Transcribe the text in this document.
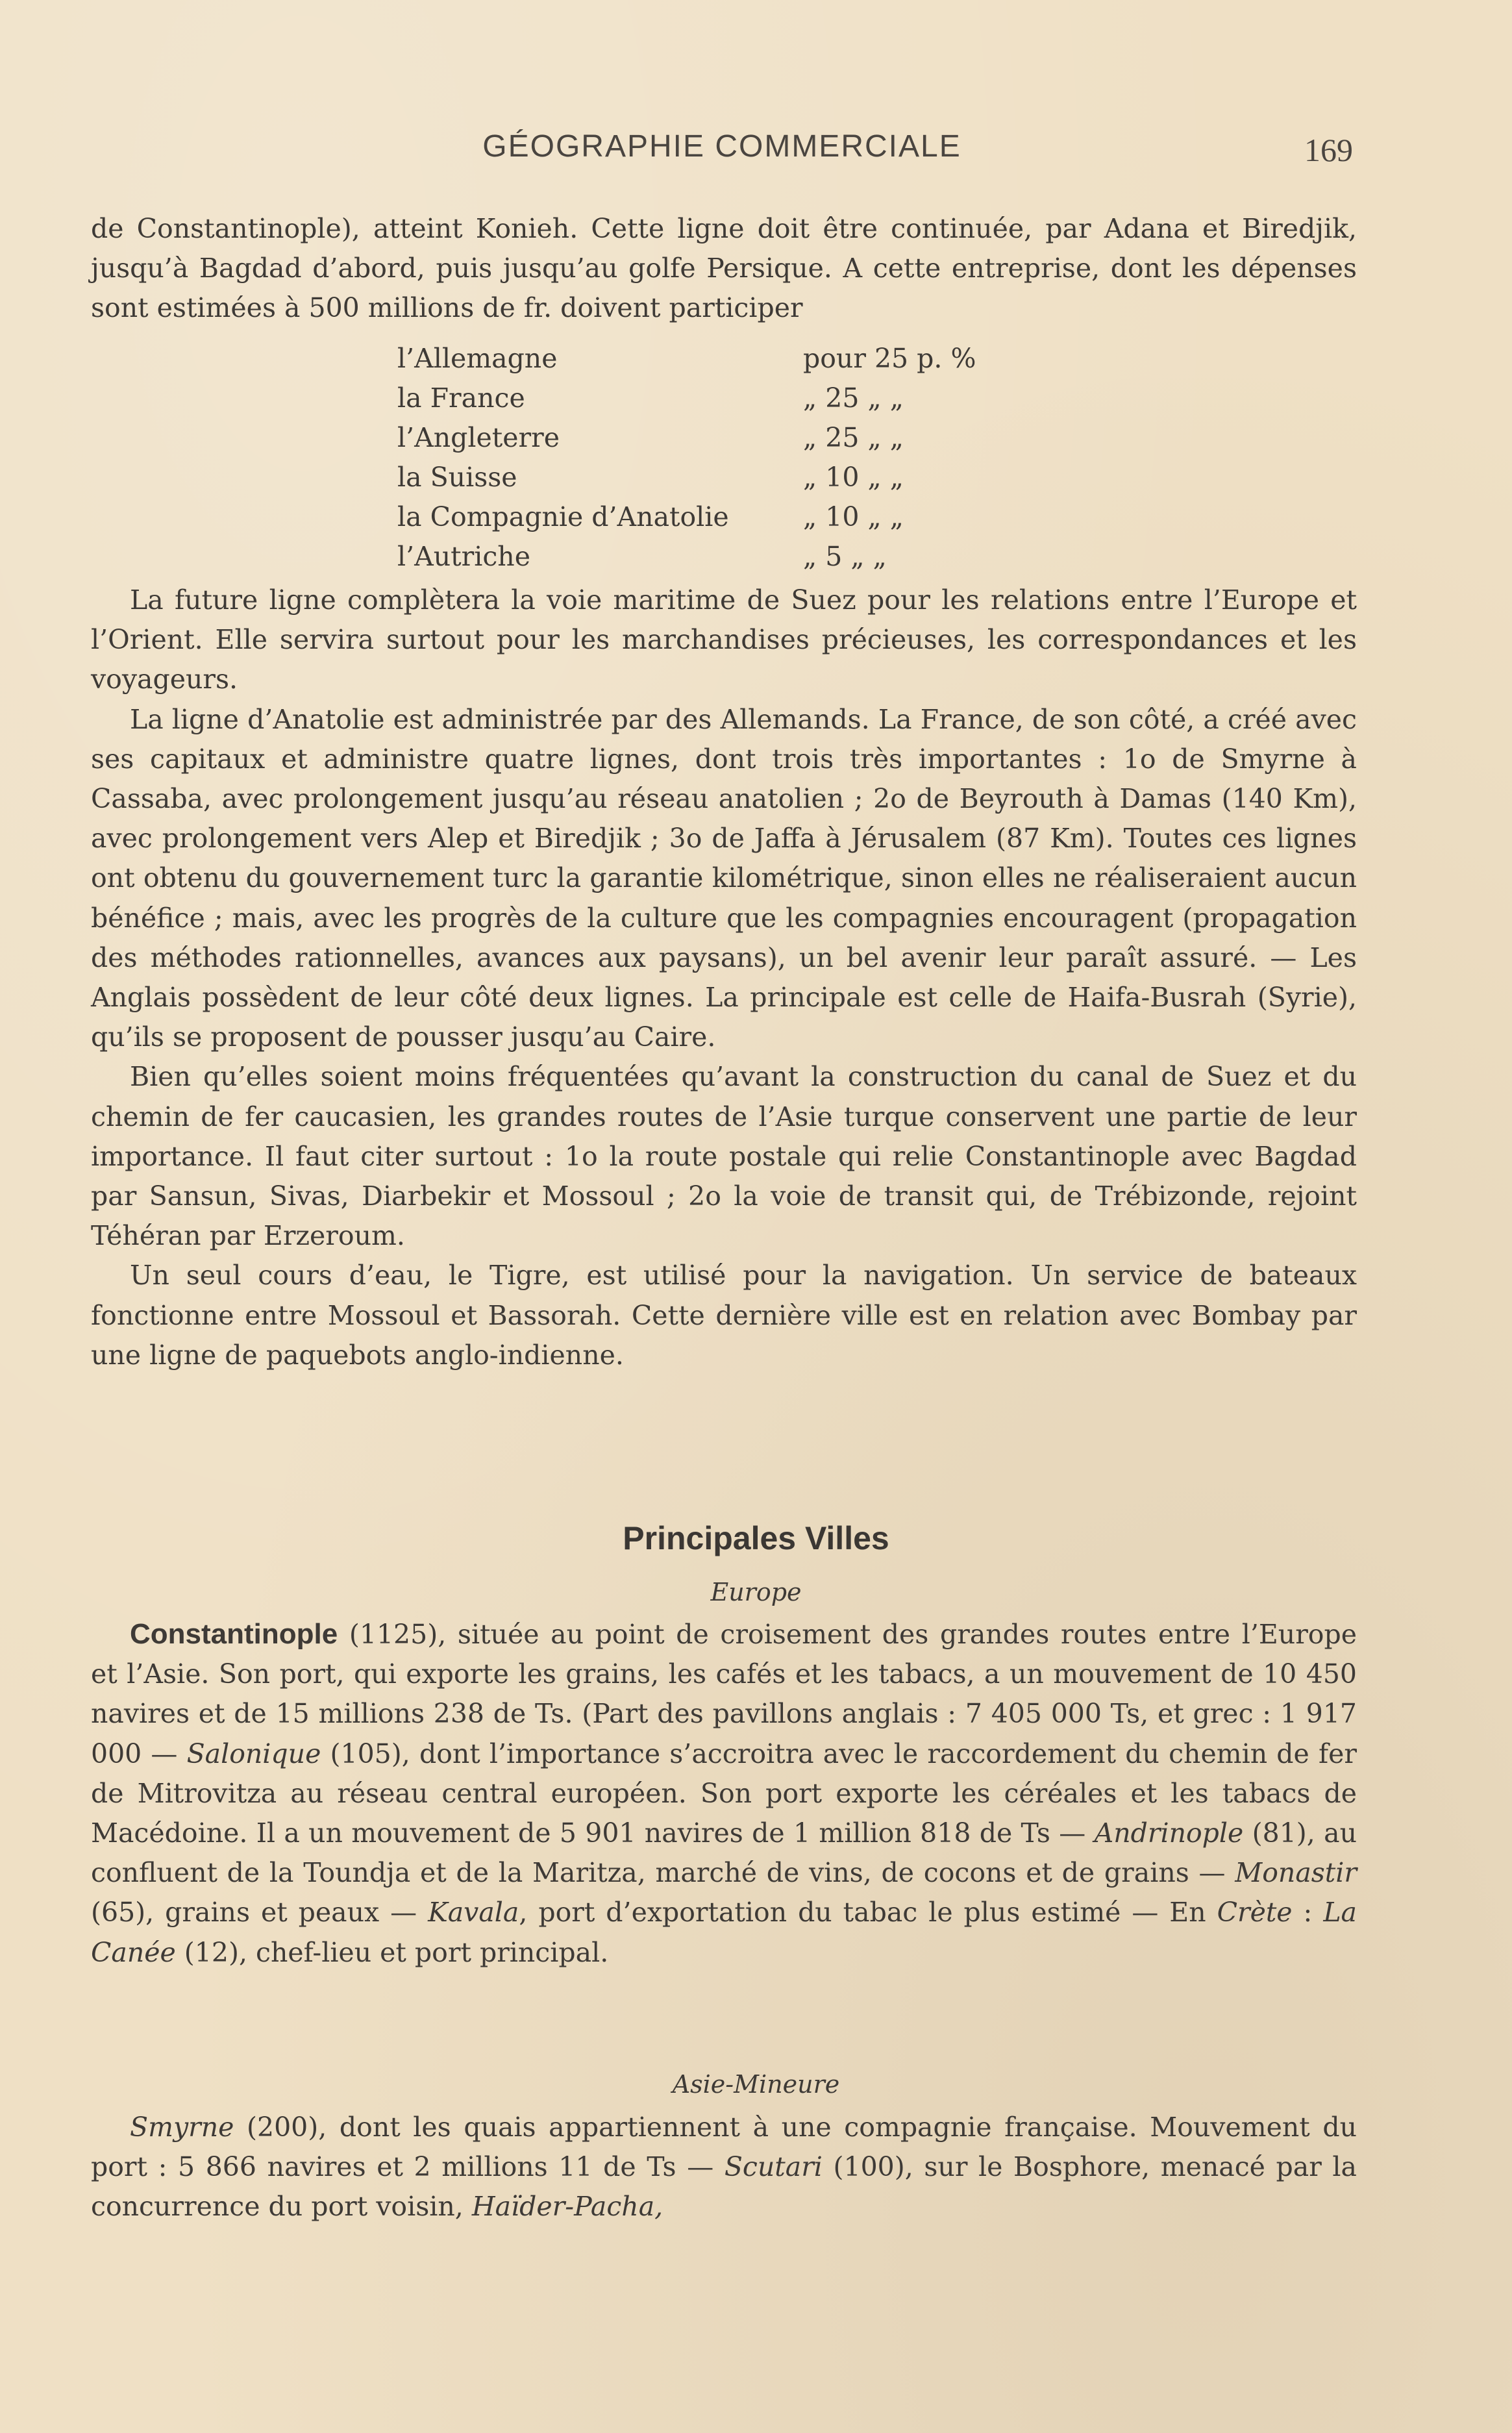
GÉOGRAPHIE COMMERCIALE	169

de Constantinople), atteint Konieh. Cette ligne doit être continuée, par Adana et Biredjik, jusqu’à Bagdad d’abord, puis jusqu’au golfe Persique. A cette entreprise, dont les dépenses sont estimées à 500 millions de fr. doivent participer

l’Allemagne	pour 25 p. %
la France	„ 25 „ „
l’Angleterre	„ 25 „ „
la Suisse	„ 10 „ „
la Compagnie d’Anatolie	„ 10 „ „
l’Autriche	„ 5 „ „

La future ligne complètera la voie maritime de Suez pour les relations entre l’Europe et l’Orient. Elle servira surtout pour les marchandises précieuses, les correspondances et les voyageurs.

La ligne d’Anatolie est administrée par des Allemands. La France, de son côté, a créé avec ses capitaux et administre quatre lignes, dont trois très importantes : 1o de Smyrne à Cassaba, avec prolongement jusqu’au réseau anatolien ; 2o de Beyrouth à Damas (140 Km), avec prolongement vers Alep et Biredjik ; 3o de Jaffa à Jérusalem (87 Km). Toutes ces lignes ont obtenu du gouvernement turc la garantie kilométrique, sinon elles ne réaliseraient aucun bénéfice ; mais, avec les progrès de la culture que les compagnies encouragent (propagation des méthodes rationnelles, avances aux paysans), un bel avenir leur paraît assuré. — Les Anglais possèdent de leur côté deux lignes. La principale est celle de Haifa-Busrah (Syrie), qu’ils se proposent de pousser jusqu’au Caire.

Bien qu’elles soient moins fréquentées qu’avant la construction du canal de Suez et du chemin de fer caucasien, les grandes routes de l’Asie turque conservent une partie de leur importance. Il faut citer surtout : 1o la route postale qui relie Constantinople avec Bagdad par Sansun, Sivas, Diarbekir et Mossoul ; 2o la voie de transit qui, de Trébizonde, rejoint Téhéran par Erzeroum.

Un seul cours d’eau, le Tigre, est utilisé pour la navigation. Un service de bateaux fonctionne entre Mossoul et Bassorah. Cette dernière ville est en relation avec Bombay par une ligne de paquebots anglo-indienne.

Principales Villes
Europe

Constantinople (1125), située au point de croisement des grandes routes entre l’Europe et l’Asie. Son port, qui exporte les grains, les cafés et les tabacs, a un mouvement de 10 450 navires et de 15 millions 238 de Ts. (Part des pavillons anglais : 7 405 000 Ts, et grec : 1 917 000 — Salonique (105), dont l’importance s’accroitra avec le raccordement du chemin de fer de Mitrovitza au réseau central européen. Son port exporte les céréales et les tabacs de Macédoine. Il a un mouvement de 5 901 navires de 1 million 818 de Ts — Andrinople (81), au confluent de la Toundja et de la Maritza, marché de vins, de cocons et de grains — Monastir (65), grains et peaux — Kavala, port d’exportation du tabac le plus estimé — En Crète : La Canée (12), chef-lieu et port principal.

Asie-Mineure

Smyrne (200), dont les quais appartiennent à une compagnie française. Mouvement du port : 5 866 navires et 2 millions 11 de Ts — Scutari (100), sur le Bosphore, menacé par la concurrence du port voisin, Haïder-Pacha,
